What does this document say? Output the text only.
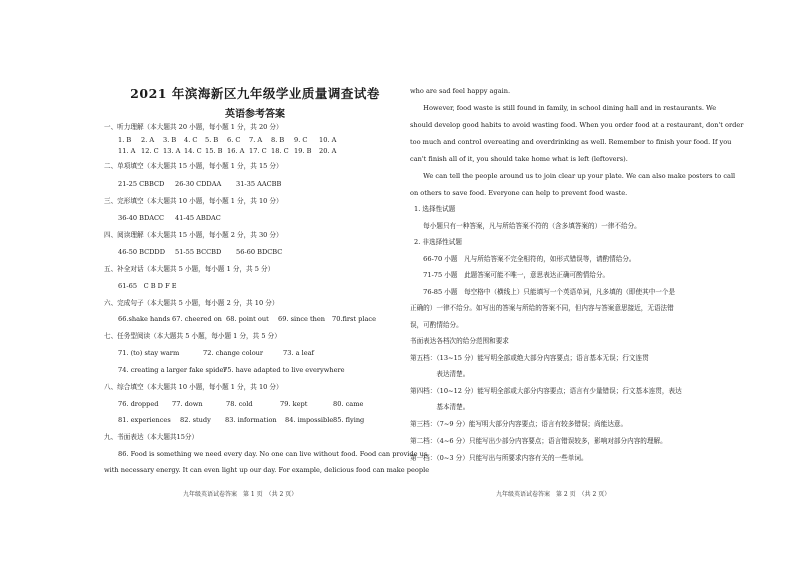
2021 年滨海新区九年级学业质量调查试卷
英语参考答案
一、听力理解（本大题共 20 小题，每小题 1 分，共 20 分）
1. B 2. A 3. B 4. C 5. B 6. C 7. A 8. B 9. C 10. A
11. A 12. C 13. A 14. C 15. B 16. A 17. C 18. C 19. B 20. A
二、单项填空（本大题共 15 小题，每小题 1 分，共 15 分）
21-25 CBBCD 26-30 CDDAA 31-35 AACBB
三、完形填空（本大题共 10 小题，每小题 1 分，共 10 分）
36-40 BDACC 41-45 ABDAC
四、阅读理解（本大题共 15 小题，每小题 2 分，共 30 分）
46-50 BCDDD 51-55 BCCBD 56-60 BDCBC
五、补全对话（本大题共 5 小题，每小题 1 分，共 5 分）
61-65　C B D F E
六、完成句子（本大题共 5 小题，每小题 2 分，共 10 分）
66.shake hands 67. cheered on 68. point out 69. since then 70.first place
七、任务型阅读（本大题共 5 小题，每小题 1 分，共 5 分）
71. (to) stay warm	72. change colour	73. a leaf
74. creating a larger fake spider
75. have adapted to live everywhere
八、综合填空（本大题共 10 小题，每小题 1 分，共 10 分）
76. dropped 77. down	78. cold	79. kept	80. came
81. experiences 82. study 83. information 84. impossible 85. flying
九、书面表达（本大题共15分）
86. Food is something we need every day. No one can live without food. Food can provide us
with necessary energy. It can even light up our day. For example, delicious food can make people
九年级英语试卷答案　第 1 页　（共 2 页）
who are sad feel happy again.
　　However, food waste is still found in family, in school dining hall and in restaurants. We
should develop good habits to avoid wasting food. When you order food at a restaurant, don't order
too much and control overeating and overdrinking as well. Remember to finish your food. If you
can't finish all of it, you should take home what is left (leftovers).
　　We can tell the people around us to join clear up your plate. We can also make posters to call
on others to save food. Everyone can help to prevent food waste.
1. 选择性试题
　　每小题只有一种答案，凡与所给答案不符的（含多填答案的）一律不给分。
2. 非选择性试题
　　66-70 小题　凡与所给答案不完全相符的，如形式错误等，请酌情给分。
　　71-75 小题　此题答案可能不唯一，意思表达正确可酌情给分。
　　76-85 小题　每空格中（横线上）只能填写一个英语单词，凡多填的（即使其中一个是
正确的）一律不给分。如写出的答案与所给的答案不同，但内容与答案意思接近，无语法错
误，可酌情给分。
书面表达各档次的给分范围和要求
第五档：（13~15 分）能写明全部或绝大部分内容要点；语言基本无误；行文连贯
　　　　表达清楚。
第四档：（10~12 分）能写明全部或大部分内容要点；语言有少量错误；行文基本连贯，表达
　　　　基本清楚。
第三档：（7~9 分）能写明大部分内容要点；语言有较多错误；尚能达意。
第二档：（4~6 分）只能写出少部分内容要点；语言错误较多，影响对部分内容的理解。
第一档：（0~3 分）只能写出与所要求内容有关的一些单词。
九年级英语试卷答案　第 2 页　（共 2 页）
